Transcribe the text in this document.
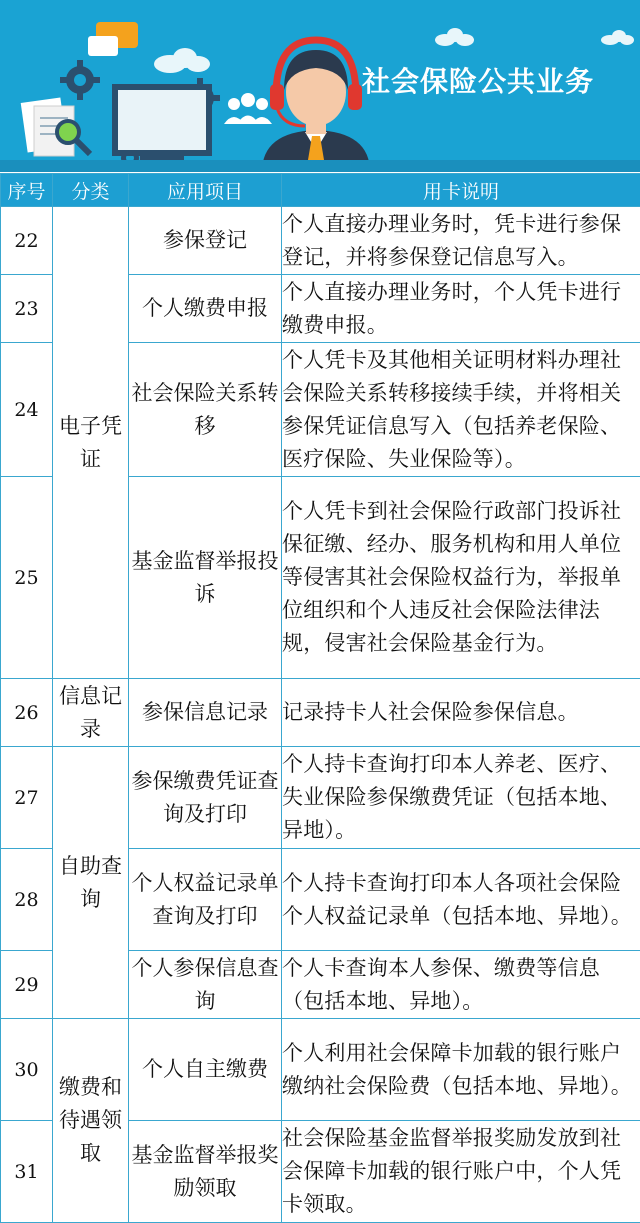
社会保险公共业务
序号	分类	应用项目	用卡说明
22	电子凭证	参保登记	个人直接办理业务时，凭卡进行参保登记，并将参保登记信息写入。
23		个人缴费申报	个人直接办理业务时，个人凭卡进行缴费申报。
24		社会保险关系转移	个人凭卡及其他相关证明材料办理社会保险关系转移接续手续，并将相关参保凭证信息写入（包括养老保险、医疗保险、失业保险等）。
25		基金监督举报投诉	个人凭卡到社会保险行政部门投诉社保征缴、经办、服务机构和用人单位等侵害其社会保险权益行为，举报单位组织和个人违反社会保险法律法规，侵害社会保险基金行为。
26	信息记录	参保信息记录	记录持卡人社会保险参保信息。
27	自助查询	参保缴费凭证查询及打印	个人持卡查询打印本人养老、医疗、失业保险参保缴费凭证（包括本地、异地）。
28		个人权益记录单查询及打印	个人持卡查询打印本人各项社会保险个人权益记录单（包括本地、异地）。
29		个人参保信息查询	个人卡查询本人参保、缴费等信息（包括本地、异地）。
30	缴费和待遇领取	个人自主缴费	个人利用社会保障卡加载的银行账户缴纳社会保险费（包括本地、异地）。
31		基金监督举报奖励领取	社会保险基金监督举报奖励发放到社会保障卡加载的银行账户中，个人凭卡领取。
